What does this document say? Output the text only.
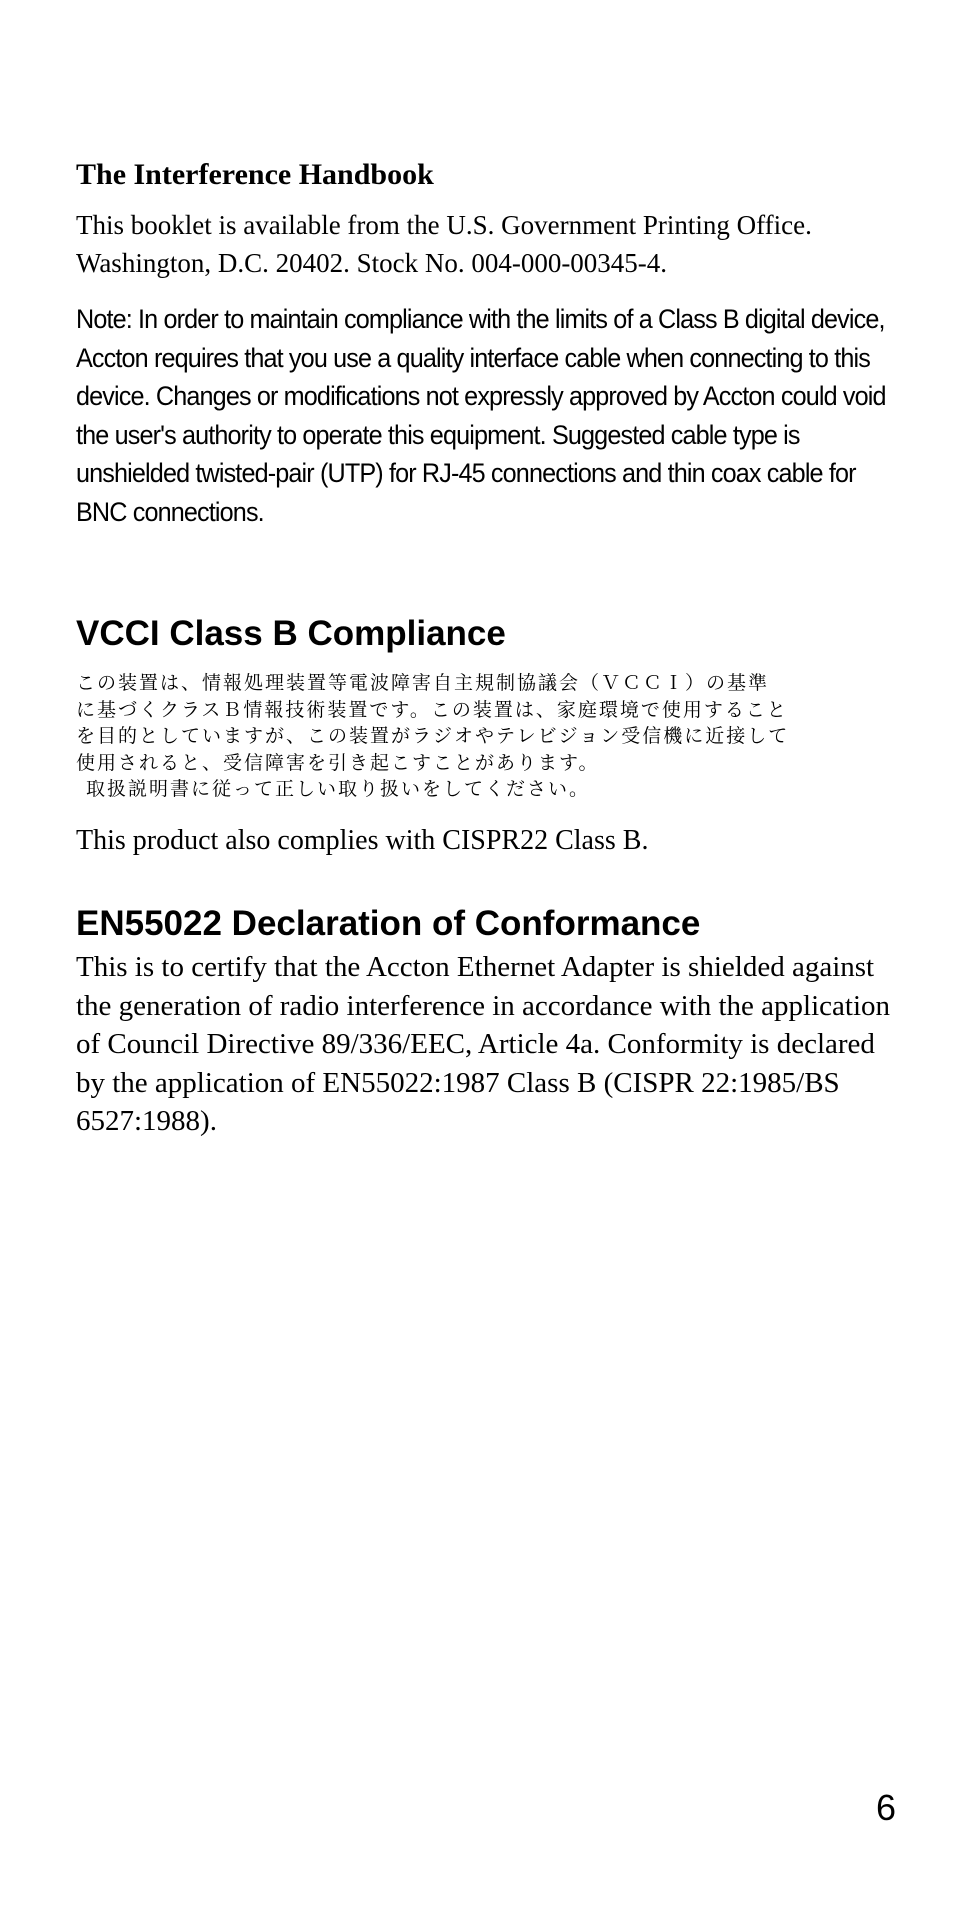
The Interference Handbook

This booklet is available from the U.S. Government Printing Office. Washington, D.C. 20402. Stock No. 004-000-00345-4.

Note: In order to maintain compliance with the limits of a Class B digital device, Accton requires that you use a quality interface cable when connecting to this device. Changes or modifications not expressly approved by Accton could void the user's authority to operate this equipment. Suggested cable type is unshielded twisted-pair (UTP) for RJ-45 connections and thin coax cable for BNC connections.

VCCI Class B Compliance
この装置は、情報処理装置等電波障害自主規制協議会（ＶＣＣＩ）の基準
に基づくクラスＢ情報技術装置です。この装置は、家庭環境で使用すること
を目的としていますが、この装置がラジオやテレビジョン受信機に近接して
使用されると、受信障害を引き起こすことがあります。
取扱説明書に従って正しい取り扱いをしてください。

This product also complies with CISPR22 Class B.

EN55022 Declaration of Conformance

This is to certify that the Accton Ethernet Adapter is shielded against the generation of radio interference in accordance with the application of Council Directive 89/336/EEC, Article 4a. Conformity is declared by the application of EN55022:1987 Class B (CISPR 22:1985/BS 6527:1988).

6
